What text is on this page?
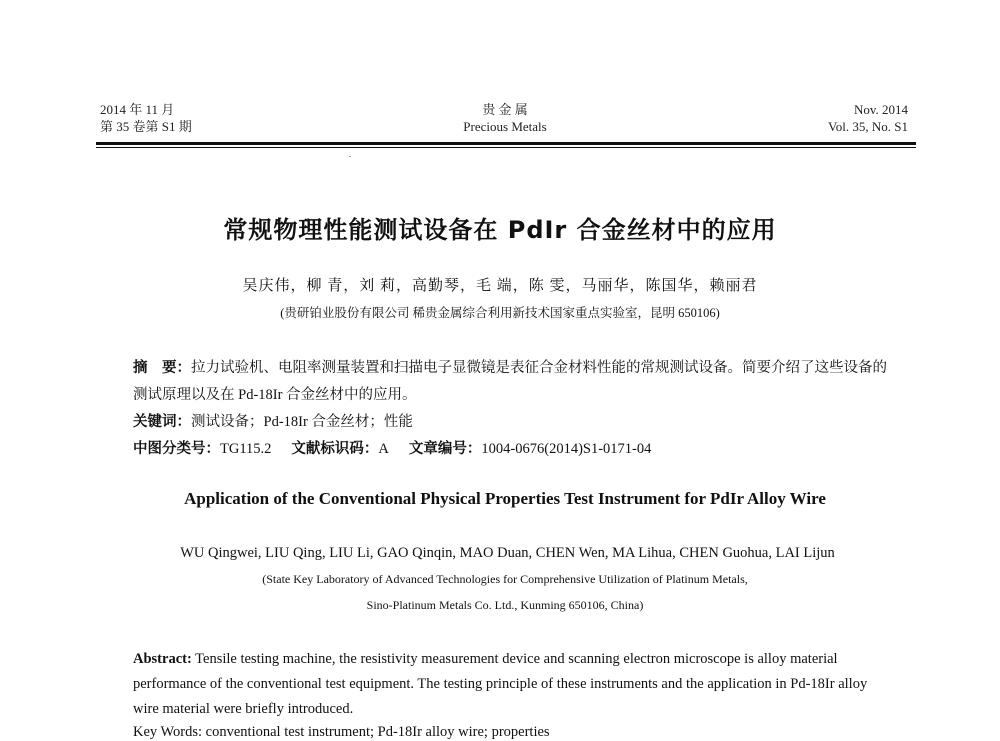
2014 年 11 月
第 35 卷第 S1 期
贵 金 属
Precious Metals
Nov. 2014
Vol. 35, No. S1
常规物理性能测试设备在 PdIr 合金丝材中的应用
吴庆伟，柳 青，刘 莉，高勤琴，毛 端，陈 雯，马丽华，陈国华，赖丽君
(贵研铂业股份有限公司 稀贵金属综合利用新技术国家重点实验室，昆明 650106)
摘　要：拉力试验机、电阻率测量装置和扫描电子显微镜是表征合金材料性能的常规测试设备。简要介绍了这些设备的测试原理以及在 Pd-18Ir 合金丝材中的应用。
关键词：测试设备；Pd-18Ir 合金丝材；性能
中图分类号：TG115.2 文献标识码：A 文章编号：1004-0676(2014)S1-0171-04
Application of the Conventional Physical Properties Test Instrument for PdIr Alloy Wire
WU Qingwei, LIU Qing, LIU Li, GAO Qinqin, MAO Duan, CHEN Wen, MA Lihua, CHEN Guohua, LAI Lijun
(State Key Laboratory of Advanced Technologies for Comprehensive Utilization of Platinum Metals,
Sino-Platinum Metals Co. Ltd., Kunming 650106, China)
Abstract: Tensile testing machine, the resistivity measurement device and scanning electron microscope is alloy material performance of the conventional test equipment. The testing principle of these instruments and the application in Pd-18Ir alloy wire material were briefly introduced.
Key Words: conventional test instrument; Pd-18Ir alloy wire; properties
